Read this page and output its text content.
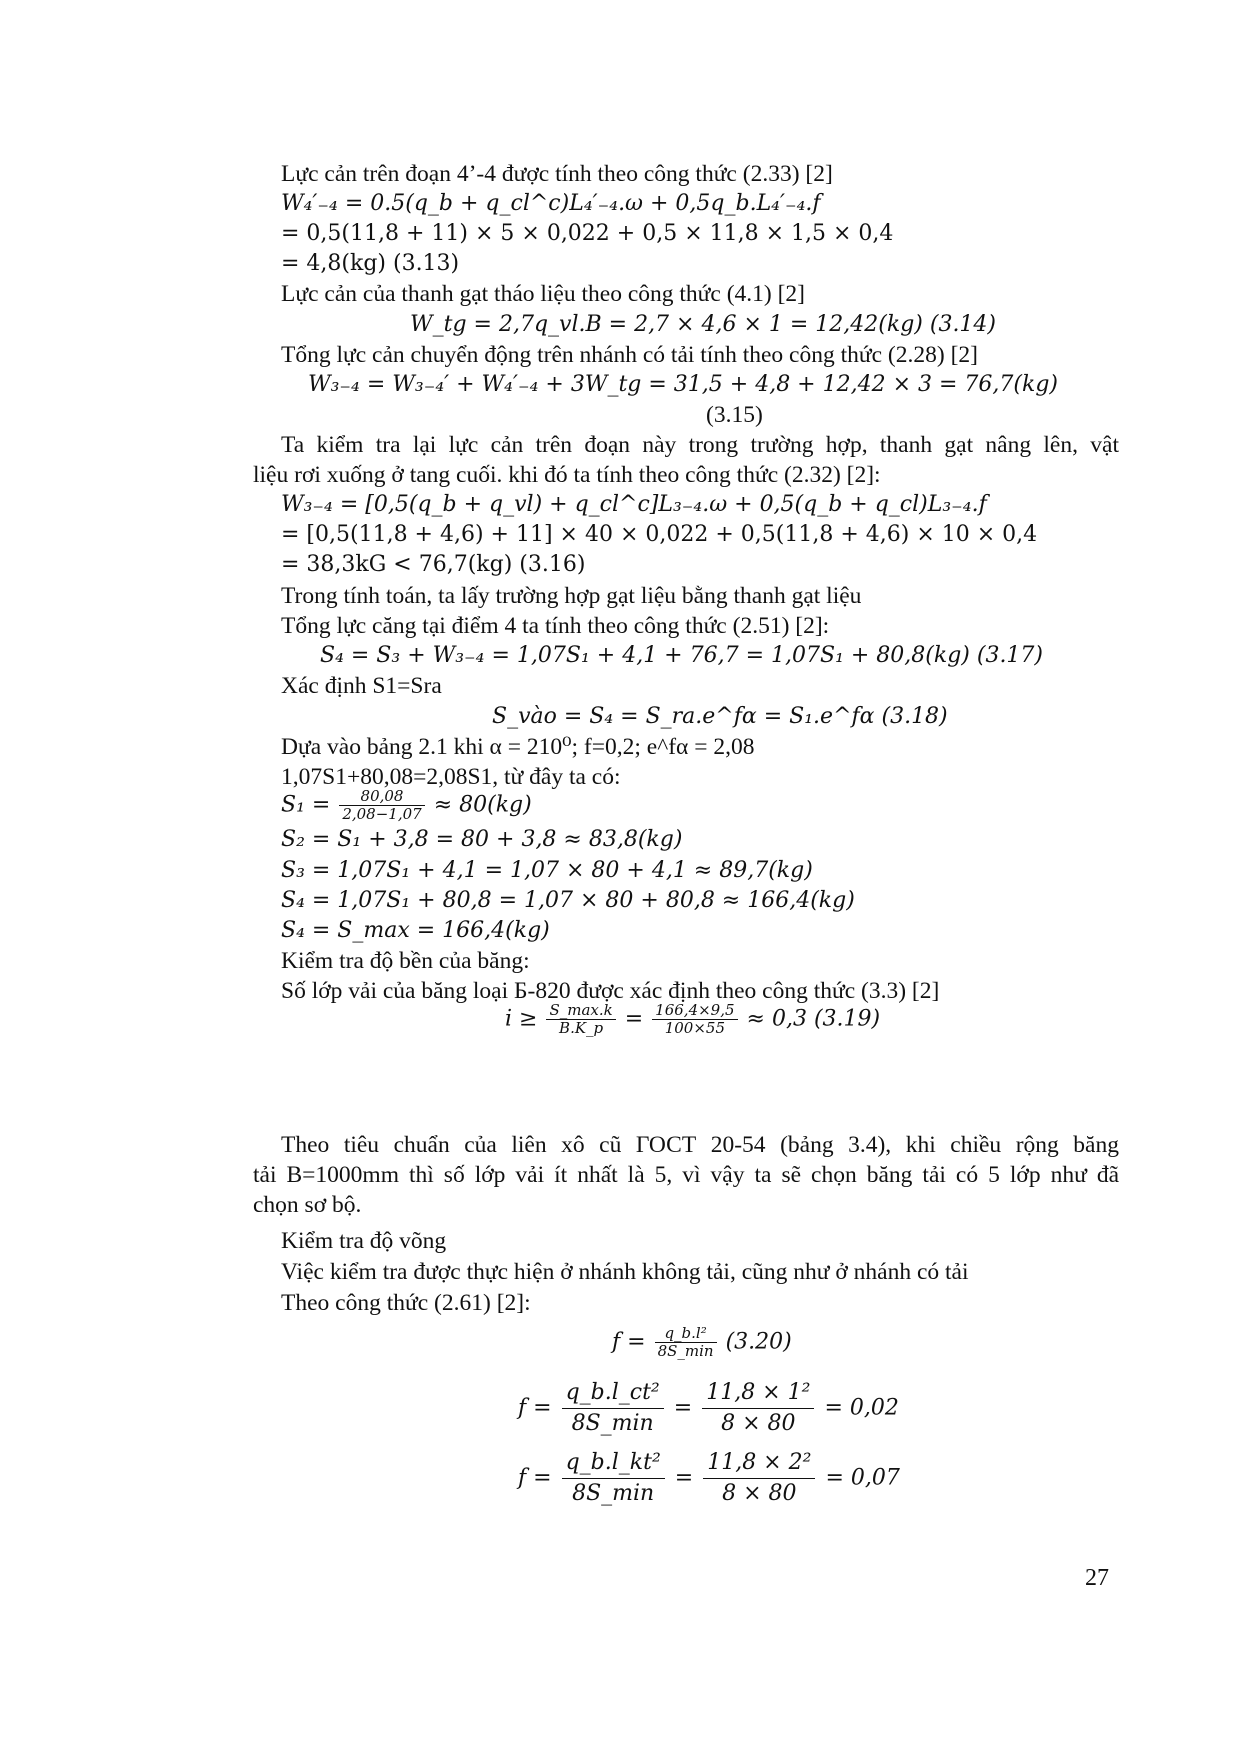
Lực cản trên đoạn 4’-4 được tính theo công thức (2.33) [2]
W₄′₋₄ = 0.5(q_b + q_cl^c)L₄′₋₄.ω + 0,5q_b.L₄′₋₄.f
= 0,5(11,8 + 11) × 5 × 0,022 + 0,5 × 11,8 × 1,5 × 0,4
= 4,8(kg) (3.13)
Lực cản của thanh gạt tháo liệu theo công thức (4.1) [2]
W_tg = 2,7q_vl.B = 2,7 × 4,6 × 1 = 12,42(kg) (3.14)
Tổng lực cản chuyển động trên nhánh có tải tính theo công thức (2.28) [2]
W₃₋₄ = W₃₋₄′ + W₄′₋₄ + 3W_tg = 31,5 + 4,8 + 12,42 × 3 = 76,7(kg)
(3.15)
Ta kiểm tra lại lực cản trên đoạn này trong trường hợp, thanh gạt nâng lên, vật
liệu rơi xuống ở tang cuối. khi đó ta tính theo công thức (2.32) [2]:
W₃₋₄ = [0,5(q_b + q_vl) + q_cl^c]L₃₋₄.ω + 0,5(q_b + q_cl)L₃₋₄.f
= [0,5(11,8 + 4,6) + 11] × 40 × 0,022 + 0,5(11,8 + 4,6) × 10 × 0,4
= 38,3kG < 76,7(kg) (3.16)
Trong tính toán, ta lấy trường hợp gạt liệu bằng thanh gạt liệu
Tổng lực căng tại điểm 4 ta tính theo công thức (2.51) [2]:
S₄ = S₃ + W₃₋₄ = 1,07S₁ + 4,1 + 76,7 = 1,07S₁ + 80,8(kg) (3.17)
Xác định S1=Sra
S_vào = S₄ = S_ra.e^fα = S₁.e^fα (3.18)
Dựa vào bảng 2.1 khi α = 210⁰; f=0,2; e^fα = 2,08
1,07S1+80,08=2,08S1, từ đây ta có:
$S_1 = \frac{80,08}{2,08-1,07} \approx 80(kg)$
S₂ = S₁ + 3,8 = 80 + 3,8 ≈ 83,8(kg)
S₃ = 1,07S₁ + 4,1 = 1,07 × 80 + 4,1 ≈ 89,7(kg)
S₄ = 1,07S₁ + 80,8 = 1,07 × 80 + 80,8 ≈ 166,4(kg)
S₄ = S_max = 166,4(kg)
Kiểm tra độ bền của băng:
Số lớp vải của băng loại Б-820 được xác định theo công thức (3.3) [2]
$i \ge \frac{S\_\max.k}{B.K\_p} = \frac{166,4\times 9,5}{100\times 55} \approx 0,3$ (3.19)
Theo tiêu chuẩn của liên xô cũ ГОСТ 20-54 (bảng 3.4), khi chiều rộng băng
tải B=1000mm thì số lớp vải ít nhất là 5, vì vậy ta sẽ chọn băng tải có 5 lớp như đã
chọn sơ bộ.
Kiểm tra độ võng
Việc kiểm tra được thực hiện ở nhánh không tải, cũng như ở nhánh có tải
Theo công thức (2.61) [2]:
$f = \frac{\text{q\_b.l²}}{8S\_\min} (3.20)$
$f = \frac{\text{q\_b.l\_ct²}}{8S\_\min} = \frac{\text{11,8 × 1²}}{8 \times 80} = 0,02$
$f = \frac{\text{q\_b.l\_kt²}}{8S\_\min} = \frac{\text{11,8 × 2²}}{8 \times 80} = 0,07$
27
